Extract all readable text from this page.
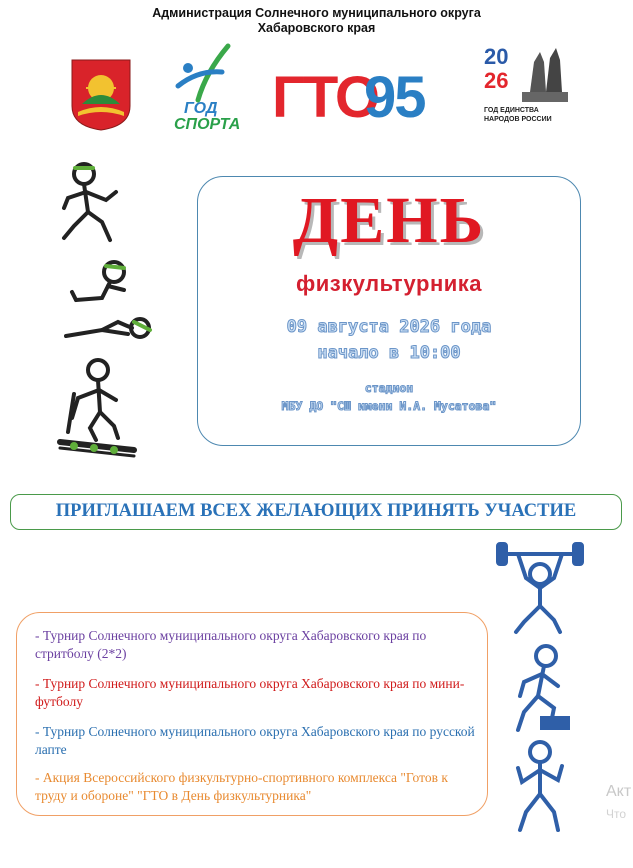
Администрация Солнечного муниципального округа
Хабаровского края
ГОД
СПОРТА ГТО
95
20
26
ГОД ЕДИНСТВА
НАРОДОВ РОССИИ
ДЕНЬ
физкультурника
09 августа 2026 года
начало в 10:00
стадион
МБУ ДО "СШ имени И.А. Мусатова"
ПРИГЛАШАЕМ ВСЕХ ЖЕЛАЮЩИХ ПРИНЯТЬ УЧАСТИЕ
- Турнир Солнечного муниципального округа Хабаровского края по стритболу (2*2)
- Турнир Солнечного муниципального округа Хабаровского края по мини-футболу
- Турнир Солнечного муниципального округа Хабаровского края по русской лапте
- Акция Всероссийского физкультурно-спортивного комплекса "Готов к труду и обороне" "ГТО в День физкультурника"	Акт
Что
